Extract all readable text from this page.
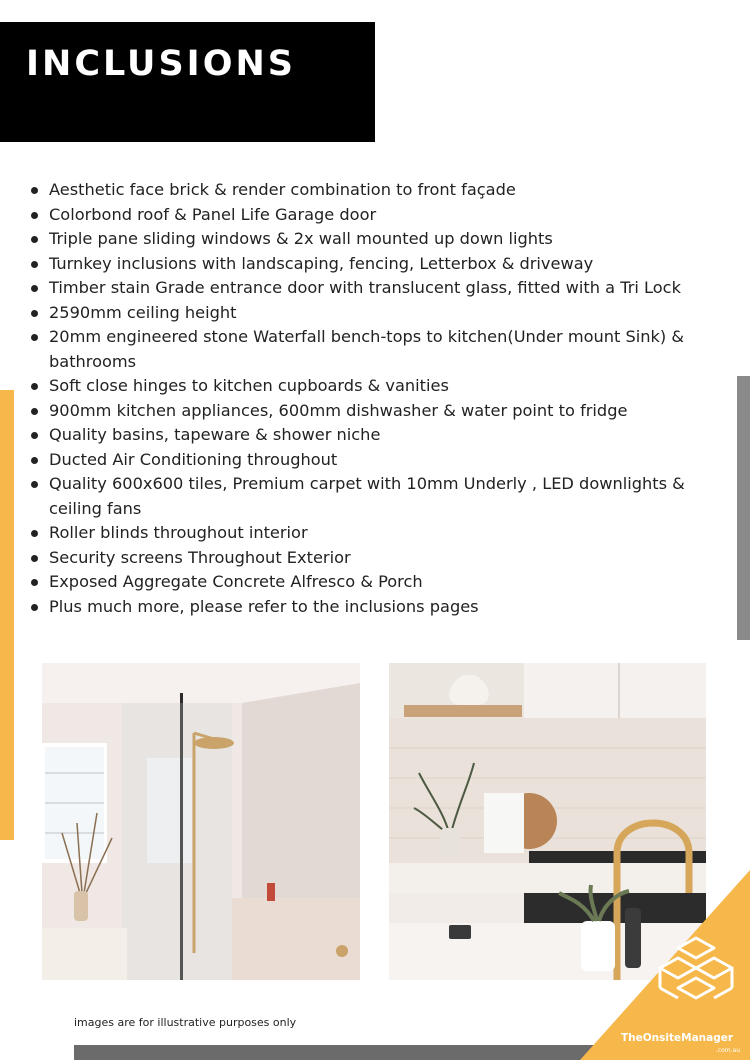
INCLUSIONS
Aesthetic face brick & render combination to front façade
Colorbond roof & Panel Life Garage door
Triple pane sliding windows & 2x wall mounted up down lights
Turnkey inclusions with landscaping, fencing, Letterbox & driveway
Timber stain Grade entrance door with translucent glass, fitted with a Tri Lock
2590mm ceiling height
20mm engineered stone Waterfall bench-tops to kitchen(Under mount Sink) & bathrooms
Soft close hinges to kitchen cupboards & vanities
900mm kitchen appliances, 600mm dishwasher & water point to fridge
Quality basins, tapeware & shower niche
Ducted Air Conditioning throughout
Quality 600x600 tiles, Premium carpet with 10mm Underly , LED downlights & ceiling fans
Roller blinds throughout interior
Security screens Throughout Exterior
Exposed Aggregate Concrete Alfresco & Porch
Plus much more, please refer to the inclusions pages
images are for illustrative purposes only
TheOnsiteManager
.com.au
